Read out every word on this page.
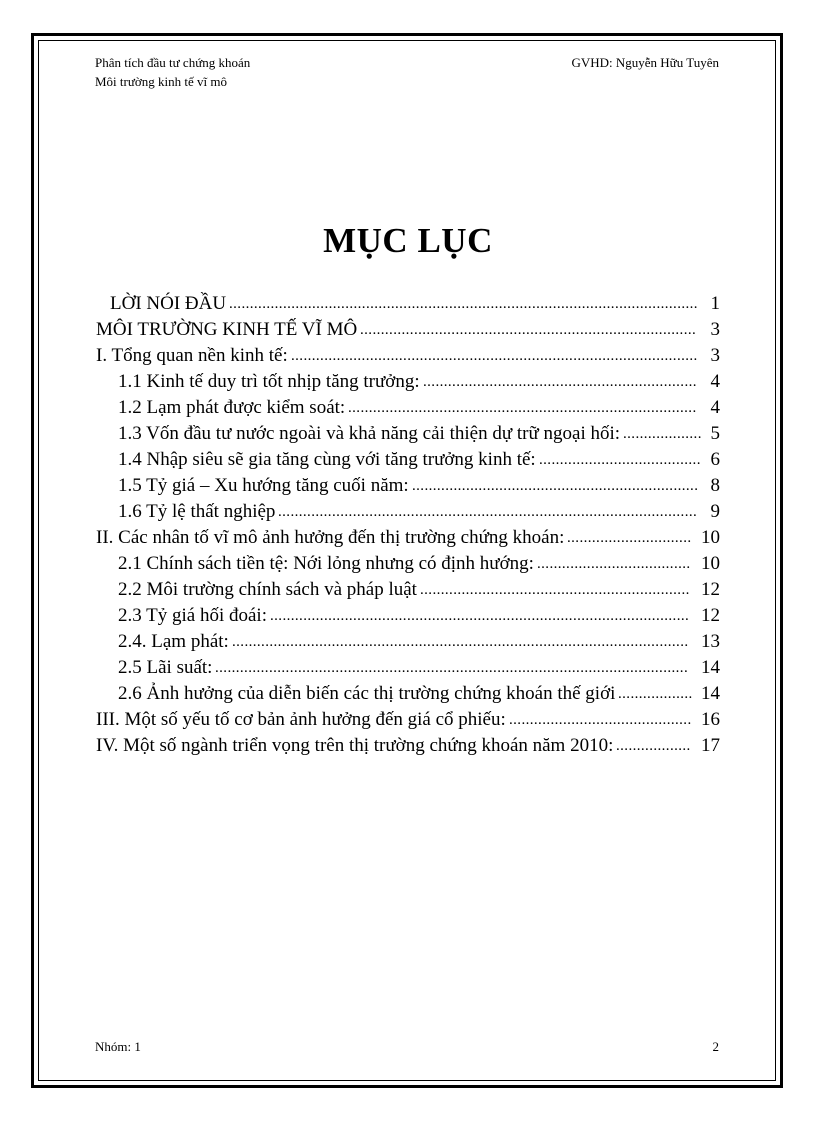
Phân tích đầu tư chứng khoán
Môi trường kinh tế vĩ mô
GVHD: Nguyễn Hữu Tuyên
MỤC LỤC
LỜI NÓI ĐẦU ................................................................................................................. 1
MÔI TRƯỜNG KINH TẾ VĨ MÔ ................................................................................. 3
I. Tổng quan nền kinh tế: .................................................................................................. 3
1.1 Kinh tế duy trì tốt nhịp tăng trưởng: .................................................................. 4
1.2 Lạm phát được kiểm soát: .................................................................................... 4
1.3 Vốn đầu tư nước ngoài và khả năng cải thiện dự trữ ngoại hối: ................... 5
1.4 Nhập siêu sẽ gia tăng cùng với tăng trưởng kinh tế: ....................................... 6
1.5 Tỷ giá – Xu hướng tăng cuối năm: ..................................................................... 8
1.6 Tỷ lệ thất nghiệp ..................................................................................................... 9
II. Các nhân tố vĩ mô ảnh hưởng đến thị trường chứng khoán: .............................. 10
2.1 Chính sách tiền tệ: Nới lỏng nhưng có định hướng: ..................................... 10
2.2 Môi trường chính sách và pháp luật ................................................................. 12
2.3 Tỷ giá hối đoái: ..................................................................................................... 12
2.4. Lạm phát: .............................................................................................................. 13
2.5 Lãi suất: .................................................................................................................. 14
2.6 Ảnh hưởng của diễn biến các thị trường chứng khoán thế giới .................. 14
III. Một số yếu tố cơ bản ảnh hưởng đến giá cổ phiếu: ............................................ 16
IV. Một số ngành triển vọng trên thị trường chứng khoán năm 2010: .................. 17
Nhóm: 1	2
